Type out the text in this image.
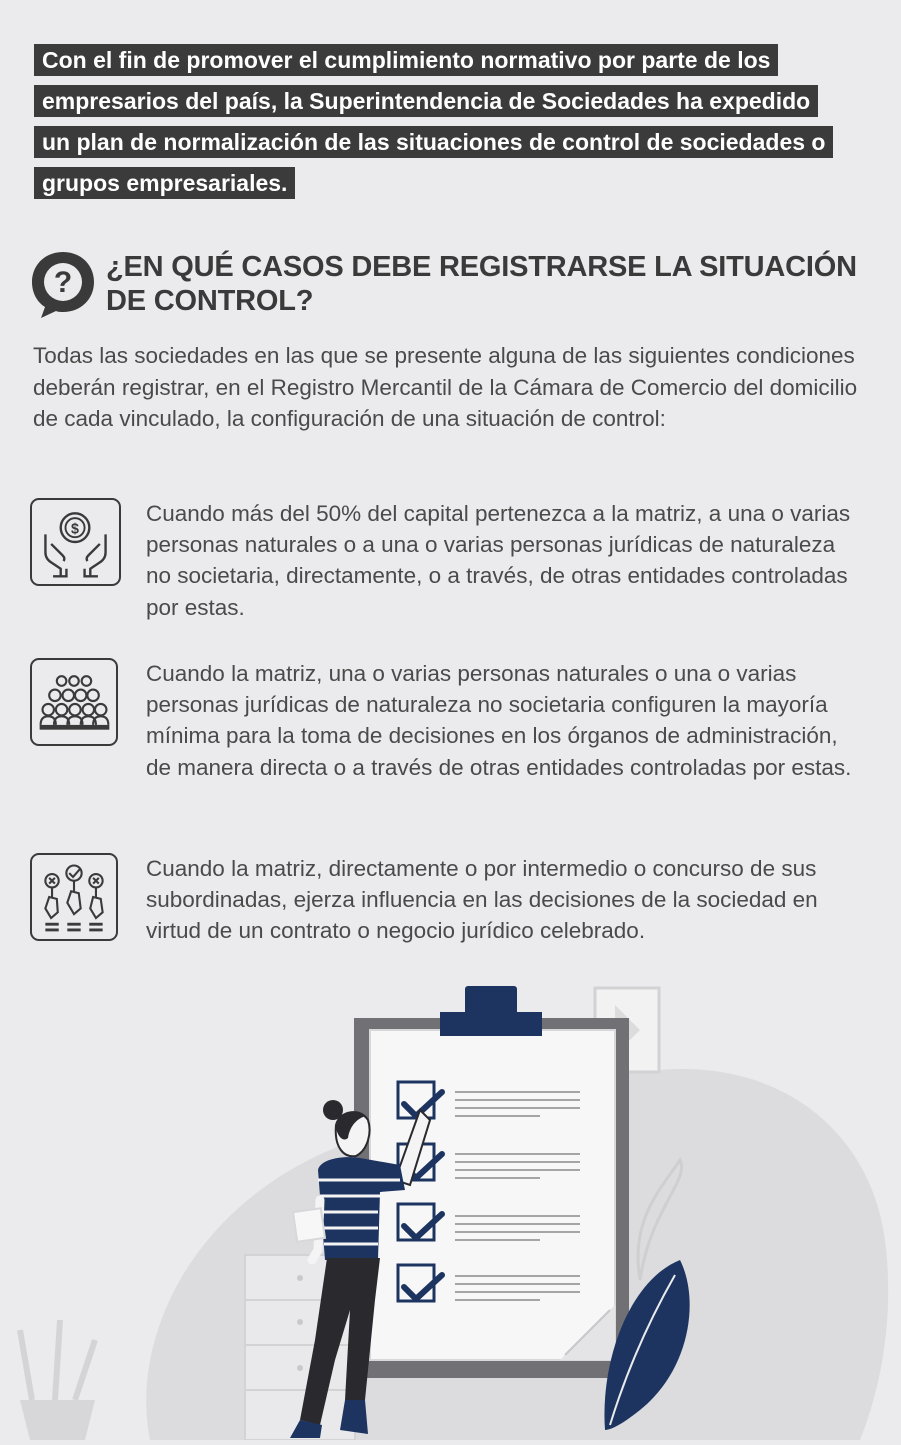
Con el fin de promover el cumplimiento normativo por parte de los
empresarios del país, la Superintendencia de Sociedades ha expedido
un plan de normalización de las situaciones de control de sociedades o
grupos empresariales.
? ¿EN QUÉ CASOS DEBE REGISTRARSE LA SITUACIÓN DE CONTROL?
Todas las sociedades en las que se presente alguna de las siguientes condiciones deberán registrar, en el Registro Mercantil de la Cámara de Comercio del domicilio de cada vinculado, la configuración de una situación de control:
$
Cuando más del 50% del capital pertenezca a la matriz, a una o varias personas naturales o a una o varias personas jurídicas de naturaleza no societaria, directamente, o a través, de otras entidades controladas por estas.
Cuando la matriz, una o varias personas naturales o una o varias personas jurídicas de naturaleza no societaria configuren la mayoría mínima para la toma de decisiones en los órganos de administración, de manera directa o a través de otras entidades controladas por estas.
Cuando la matriz, directamente o por intermedio o concurso de sus subordinadas, ejerza influencia en las decisiones de la sociedad en virtud de un contrato o negocio jurídico celebrado.
